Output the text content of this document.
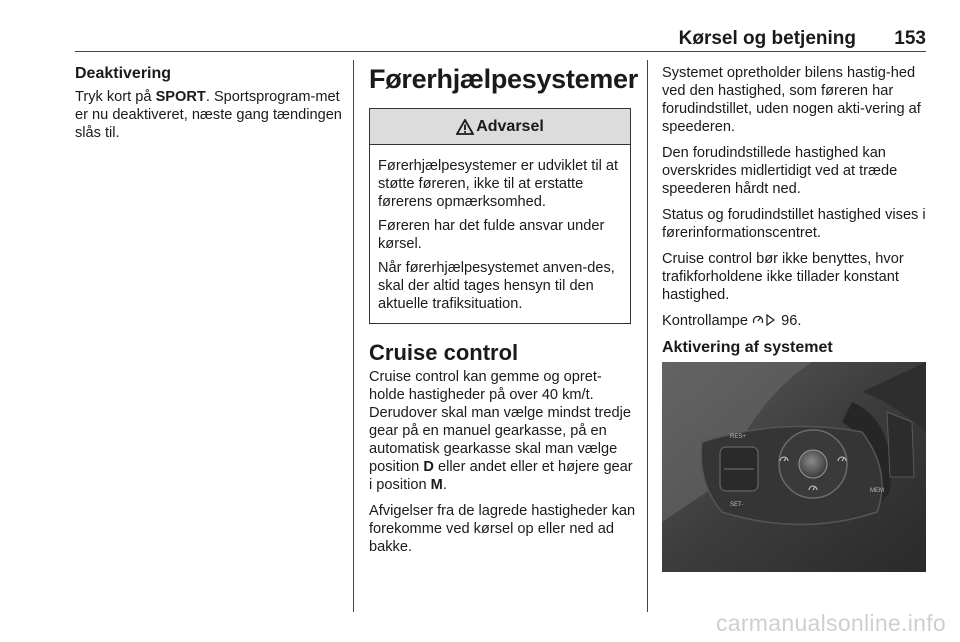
Kørsel og betjening 153
Deaktivering
Tryk kort på SPORT. Sportsprogram-met er nu deaktiveret, næste gang tændingen slås til.
Førerhjælpesystemer
Advarsel
Førerhjælpesystemer er udviklet til at støtte føreren, ikke til at erstatte førerens opmærksomhed.
Føreren har det fulde ansvar under kørsel.
Når førerhjælpesystemet anven-des, skal der altid tages hensyn til den aktuelle trafiksituation.
Cruise control
Cruise control kan gemme og opret-holde hastigheder på over 40 km/t. Derudover skal man vælge mindst tredje gear på en manuel gearkasse, på en automatisk gearkasse skal man vælge position D eller andet eller et højere gear i position M.
Afvigelser fra de lagrede hastigheder kan forekomme ved kørsel op eller ned ad bakke.
Systemet opretholder bilens hastig-hed ved den hastighed, som føreren har forudindstillet, uden nogen akti-vering af speederen.
Den forudindstillede hastighed kan overskrides midlertidigt ved at træde speederen hårdt ned.
Status og forudindstillet hastighed vises i førerinformationscentret.
Cruise control bør ikke benyttes, hvor trafikforholdene ikke tillader konstant hastighed.
Kontrollampe  96.
Aktivering af systemet
RES+
SET-
MEM
carmanualsonline.info
